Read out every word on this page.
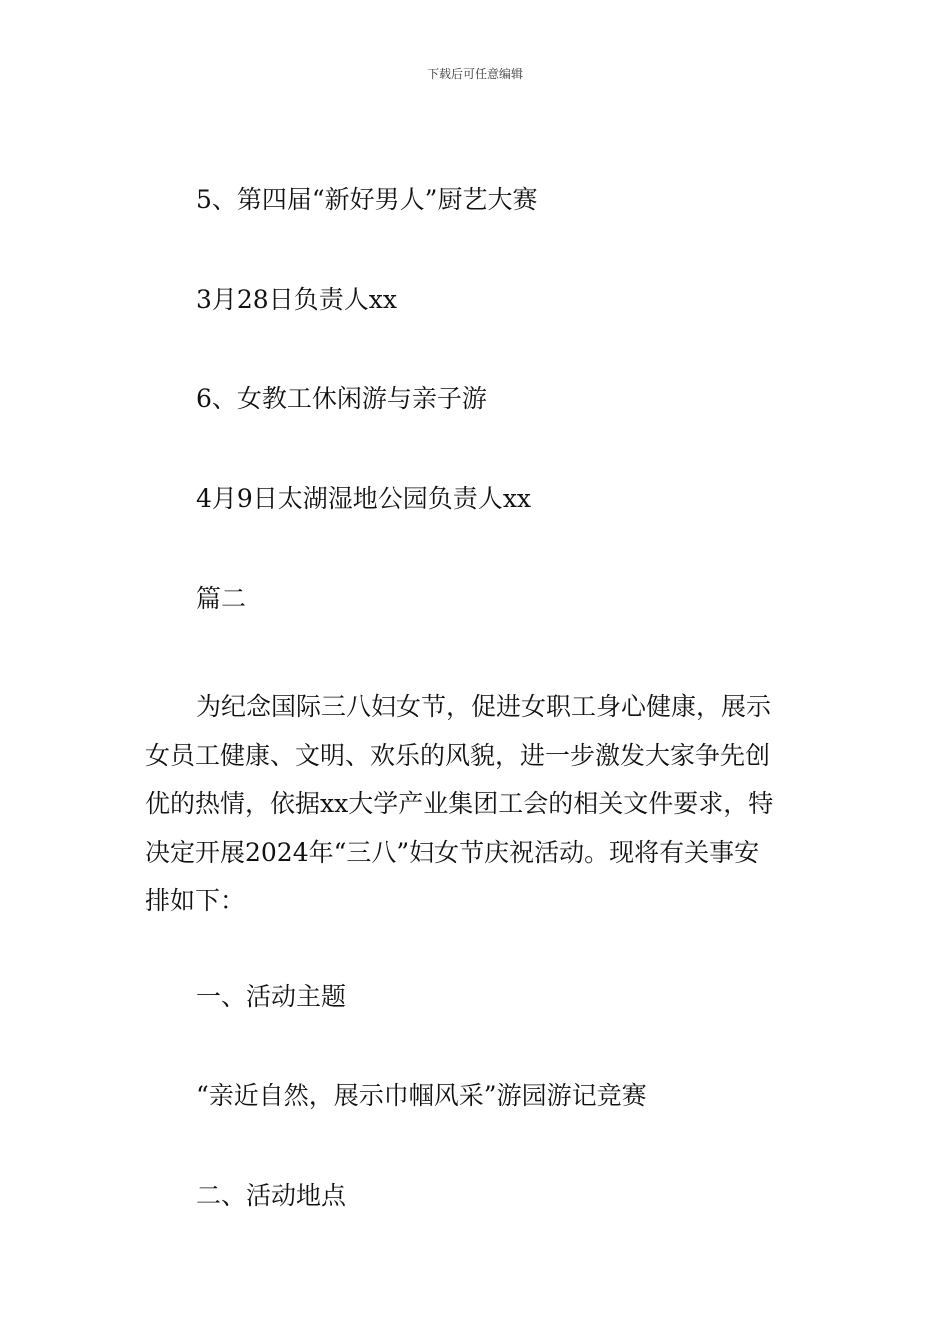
下载后可任意编辑
5、第四届“新好男人”厨艺大赛
3月28日负责人xx
6、女教工休闲游与亲子游
4月9日太湖湿地公园负责人xx
篇二
为纪念国际三八妇女节，促进女职工身心健康，展示
女员工健康、文明、欢乐的风貌，进一步激发大家争先创
优的热情，依据xx大学产业集团工会的相关文件要求，特
决定开展2024年“三八”妇女节庆祝活动。现将有关事安
排如下：
一、活动主题
“亲近自然，展示巾帼风采”游园游记竞赛
二、活动地点
